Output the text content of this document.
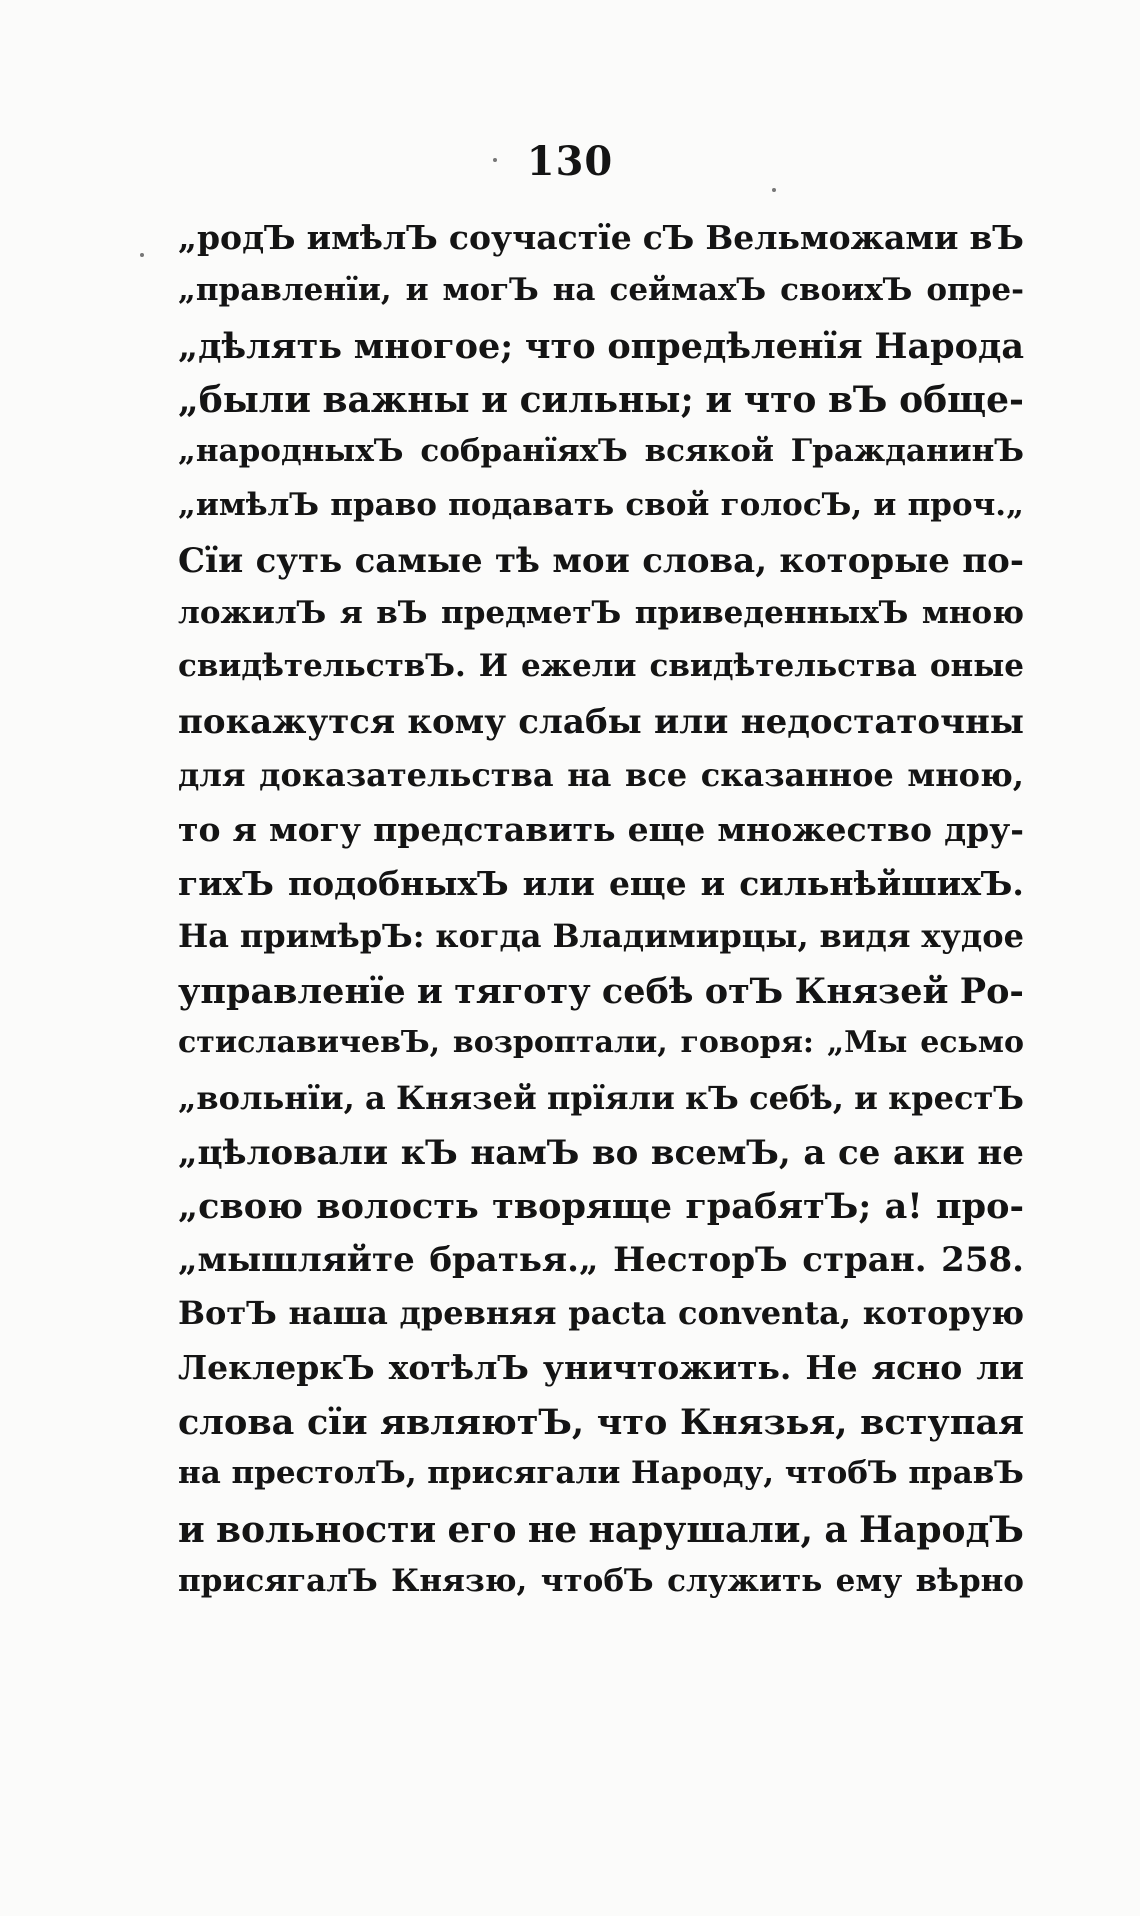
130
„родЪ имѣлЪ соучастїе сЪ Вельможами вЪ
„правленїи, и могЪ на сеймахЪ своихЪ опре-
„дѣлять многое; что опредѣленїя Народа
„были важны и сильны; и что вЪ обще-
„народныхЪ собранїяхЪ всякой ГражданинЪ
„имѣлЪ право подавать свой голосЪ, и проч.„
Сїи суть самые тѣ мои слова, которые по-
ложилЪ я вЪ предметЪ приведенныхЪ мною
свидѣтельствЪ. И ежели свидѣтельства оные
покажутся кому слабы или недостаточны
для доказательства на все сказанное мною,
то я могу представить еще множество дру-
гихЪ подобныхЪ или еще и сильнѣйшихЪ.
На примѣрЪ: когда Владимирцы, видя худое
управленїе и тяготу себѣ отЪ Князей Ро-
стиславичевЪ, возроптали, говоря: „Мы есьмо
„вольнїи, а Князей прїяли кЪ себѣ, и крестЪ
„цѣловали кЪ намЪ во всемЪ, а се аки не
„свою волость творяще грабятЪ; а! про-
„мышляйте братья.„ НесторЪ стран. 258.
ВотЪ наша древняя pacta conventa, которую
ЛеклеркЪ хотѣлЪ уничтожить. Не ясно ли
слова сїи являютЪ, что Князья, вступая
на престолЪ, присягали Народу, чтобЪ правЪ
и вольности его не нарушали, а НародЪ
присягалЪ Князю, чтобЪ служить ему вѣрно
